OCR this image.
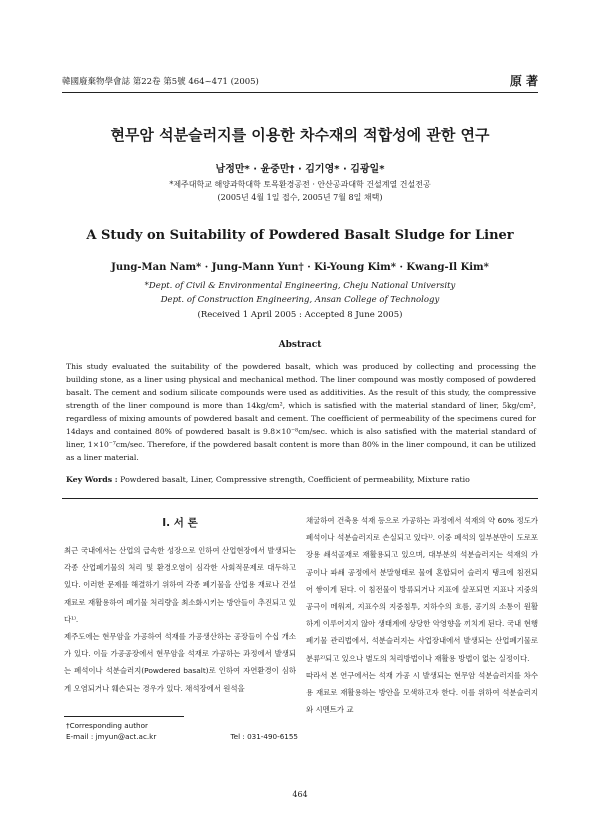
韓國廢棄物學會誌 第22卷 第5號 464~471 (2005)	原 著
현무암 석분슬러지를 이용한 차수재의 적합성에 관한 연구
남정만* · 윤중만† · 김기영* · 김광일*
*제주대학교 해양과학대학 토목환경공전 · 안산공과대학 건설계열 건설전공
(2005년 4월 1일 접수, 2005년 7월 8일 채택)
A Study on Suitability of Powdered Basalt Sludge for Liner
Jung-Man Nam* · Jung-Mann Yun† · Ki-Young Kim* · Kwang-Il Kim*
*Dept. of Civil & Environmental Engineering, Cheju National University
Dept. of Construction Engineering, Ansan College of Technology
(Received 1 April 2005 : Accepted 8 June 2005)
Abstract
This study evaluated the suitability of the powdered basalt, which was produced by collecting and processing the building stone, as a liner using physical and mechanical method. The liner compound was mostly composed of powdered basalt. The cement and sodium silicate compounds were used as additivities. As the result of this study, the compressive strength of the liner compound is more than 14kg/cm², which is satisfied with the material standard of liner, 5kg/cm², regardless of mixing amounts of powdered basalt and cement. The coefficient of permeability of the specimens cured for 14days and contained 80% of powdered basalt is 9.8×10⁻⁸cm/sec. which is also satisfied with the material standard of liner, 1×10⁻⁷cm/sec. Therefore, if the powdered basalt content is more than 80% in the liner compound, it can be utilized as a liner material.
Key Words : Powdered basalt, Liner, Compressive strength, Coefficient of permeability, Mixture ratio

I. 서 론

최근 국내에서는 산업의 급속한 성장으로 인하여 산업현장에서 발생되는 각종 산업폐기물의 처리 및 환경오염이 심각한 사회적문제로 대두하고 있다. 이러한 문제를 해결하기 위하여 각종 폐기물을 산업용 재료나 건설재료로 재활용하여 폐기물 처리량을 최소화시키는 방안들이 추진되고 있다¹⁾.

제주도에는 현무암을 가공하여 석재를 가공생산하는 공장들이 수십 개소가 있다. 이들 가공공장에서 현무암을 석재로 가공하는 과정에서 발생되는 폐석이나 석분슬러지(Powdered basalt)로 인하여 자연환경이 심하게 오염되거나 훼손되는 경우가 있다. 채석장에서 원석을

채굴하여 건축용 석재 등으로 가공하는 과정에서 석재의 약 60% 정도가 폐석이나 석분슬러지로 손실되고 있다¹⁾. 이중 폐석의 일부분만이 도로포장용 쇄석골재로 재활용되고 있으며, 대부분의 석분슬러지는 석재의 가공이나 파쇄 공정에서 분말형태로 물에 혼합되어 슬러지 탱크에 침전되어 쌓이게 된다. 이 침전물이 방류되거나 지표에 살포되면 지표나 지중의 공극이 메워져, 지표수의 지중침투, 지하수의 흐름, 공기의 소통이 원활하게 이루어지지 않아 생태계에 상당한 악영향을 끼치게 된다. 국내 현행 폐기물 관리법에서, 석분슬러지는 사업장내에서 발생되는 산업폐기물로 분류²⁾되고 있으나 별도의 처리방법이나 재활용 방법이 없는 실정이다.

따라서 본 연구에서는 석재 가공 시 발생되는 현무암 석분슬러지를 차수용 재료로 재활용하는 방안을 모색하고자 한다. 이를 위하여 석분슬러지와 시멘트가 교

†Corresponding author
E-mail : jmyun@act.ac.kr	Tel : 031-490-6155
464
